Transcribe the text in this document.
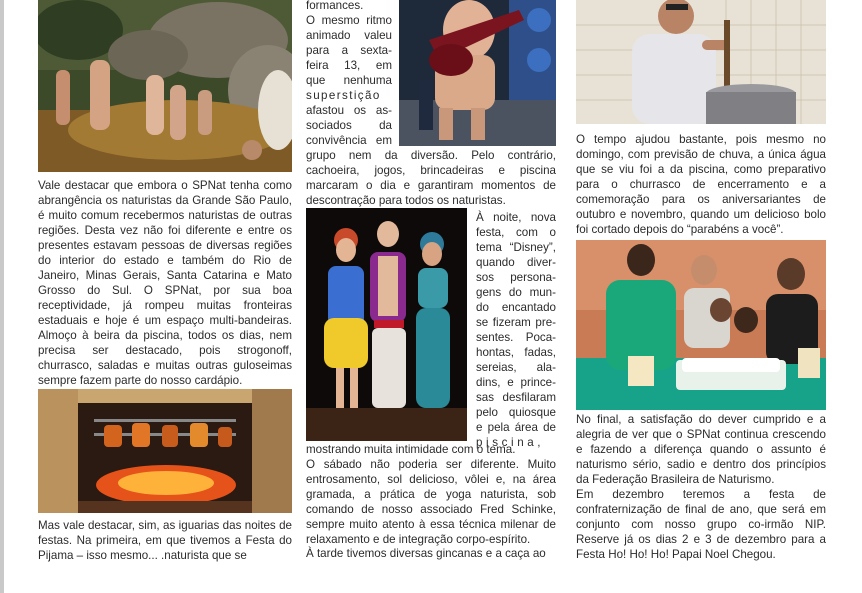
Vale destacar que embora o SPNat tenha como abrangência os naturistas da Grande São Paulo, é muito comum recebermos naturistas de outras regiões. Desta vez não foi diferente e entre os presentes estavam pessoas de diversas regiões do interior do estado e também do Rio de Janeiro, Minas Gerais, Santa Catarina e Mato Grosso do Sul. O SPNat, por sua boa receptividade, já rompeu muitas fronteiras estaduais e hoje é um espaço multi-bandeiras. Almoço à beira da piscina, todos os dias, nem precisa ser destacado, pois strogonoff, churrasco, saladas e muitas outras guloseimas sempre fazem parte do nosso cardápio.
Mas vale destacar, sim, as iguarias das noites de festas. Na primeira, em que tivemos a Festa do Pijama – isso mesmo... .naturista que se
formances.
O mesmo ritmo
animado valeu
para a sexta-
feira 13, em
que nenhuma
superstição
afastou os as-
sociados da
convivência em
grupo nem da diversão. Pelo contrário, cachoeira, jogos, brincadeiras e piscina marcaram o dia e garantiram momentos de descontração para todos os naturistas.
À noite, nova
festa, com o
tema “Disney”,
quando diver-
sos persona-
gens do mun-
do encantado
se fizeram pre-
sentes. Poca-
hontas, fadas,
sereias, ala-
dins, e prince-
sas desfilaram
pelo quiosque
e pela área de
piscina,
mostrando muita intimidade com o tema.
O sábado não poderia ser diferente. Muito entrosamento, sol delicioso, vôlei e, na área gramada, a prática de yoga naturista, sob comando de nosso associado Fred Schinke, sempre muito atento à essa técnica milenar de relaxamento e de integração corpo-espírito.
À tarde tivemos diversas gincanas e a caça ao
O tempo ajudou bastante, pois mesmo no domingo, com previsão de chuva, a única água que se viu foi a da piscina, como preparativo para o churrasco de encerramento e a comemoração para os aniversariantes de outubro e novembro, quando um delicioso bolo foi cortado depois do “parabéns a você”.
No final, a satisfação do dever cumprido e a alegria de ver que o SPNat continua crescendo e fazendo a diferença quando o assunto é naturismo sério, sadio e dentro dos princípios da Federação Brasileira de Naturismo.
Em dezembro teremos a festa de confraternização de final de ano, que será em conjunto com nosso grupo co-irmão NIP. Reserve já os dias 2 e 3 de dezembro para a Festa Ho! Ho! Ho! Papai Noel Chegou.
